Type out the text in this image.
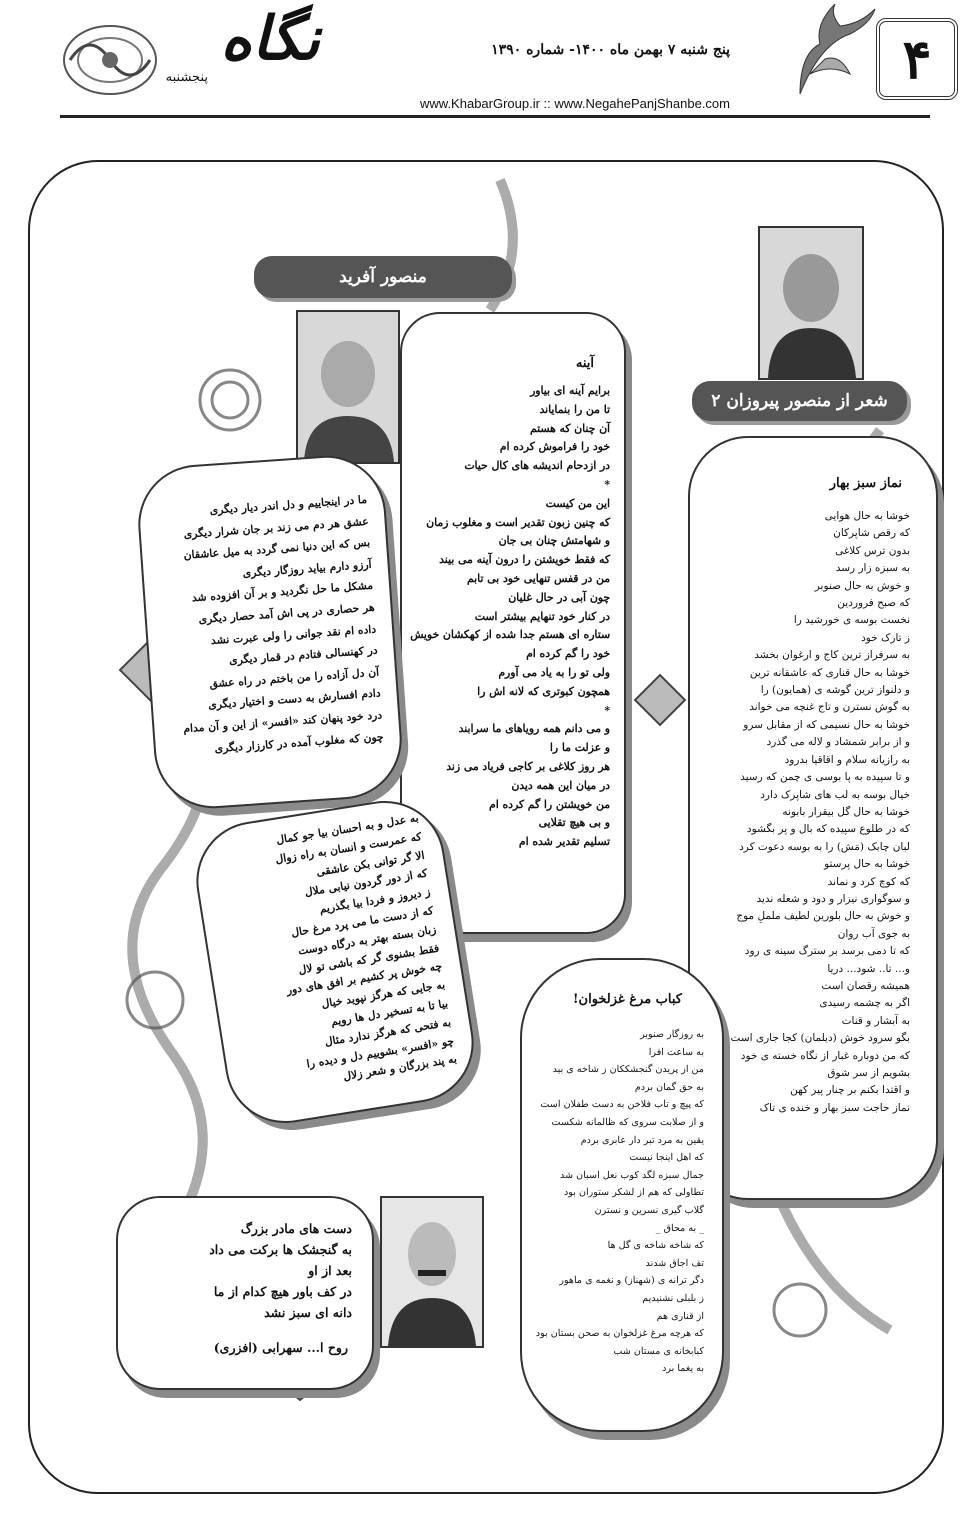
نگاه
پنجشنبه
پنج شنبه ۷ بهمن ماه ۱۴۰۰- شماره ۱۳۹۰
www.KhabarGroup.ir :: www.NegahePanjShanbe.com
۴
۲ شعر از منصور پیروزان
نماز سبز بهار
خوشا به حال هوایی
که رقص شاپرکان
بدون ترس کلاغی
به سبزه زار رسد
و خوش به حال صنوبر
که صبح فروردین
نخست بوسه ی خورشید را
ز تارک خود
به سرفراز ترین کاج و ارغوان بخشد
خوشا به حال قناری که عاشقانه ترین
و دلنواز ترین گوشه ی (همایون) را
به گوش نسترن و تاج غنچه می خواند
خوشا به حال نسیمی که از مقابل سرو
و از برابر شمشاد و لاله می گذرد
به رازیانه سلام و اقاقیا بدرود
و تا سپیده به پا بوسی ی چمن که رسید
خیال بوسه به لب های شاپرک دارد
خوشا به حال گل بیقرار بابونه
که در طلوع سپیده که بال و پر بگشود
لبان چابک (مَش) را به بوسه دعوت کرد
خوشا به حال پرستو
که کوچ کرد و نماند
و سوگواری نیزار و دود و شعله ندید
و خوش به حال بلورین لطیف ململِ موج
به جوی آب روان
که تا دمی برسد بر سترگ سینه ی رود
و... تا.. شود... دریا
همیشه رقصان است
اگر به چشمه رسیدی
به آبشار و قنات
بگو سرود خوش (دیلمان) کجا جاری است
که من دوباره غبار از نگاه خسته ی خود
بشویم از سر شوق
و اقتدا بکنم بر چنار پیر کهن
نماز حاجت سبز بهار و خنده ی تاک
منصور آفرید
آینه
برایم آینه ای بیاور
تا من را بنمایاند
آن چنان که هستم
خود را فراموش کرده ام
در ازدحام اندیشه های کال حیات
*
این من کیست
که چنین زبون تقدیر است و مغلوب زمان
و شهامتش چنان بی جان
که فقط خویشتن را درون آینه می بیند
من در قفس تنهایی خود بی تابم
چون آبی در حال غلیان
در کنار خود تنهایم بیشتر است
ستاره ای هستم جدا شده از کهکشان خویش
خود را گم کرده ام
ولی تو را به یاد می آورم
همچون کبوتری که لانه اش را
*
و می دانم همه رویاهای ما سرابند
و عزلت ما را
هر روز کلاغی بر کاجی فریاد می زند
در میان این همه دیدن
من خویشتن را گم کرده ام
و بی هیچ تقلایی
تسلیم تقدیر شده ام
ما در اینجاییم و دل اندر دیار دیگری
عشق هر دم می زند بر جان شرار دیگری
بس که این دنیا نمی گردد به میل عاشقان
آرزو دارم بیاید روزگار دیگری
مشکل ما حل نگردید و بر آن افزوده شد
هر حصاری در پی اش آمد حصار دیگری
داده ام نقد جوانی را ولی عبرت نشد
در کهنسالی فتادم در قمار دیگری
آن دل آزاده را من باختم در راه عشق
دادم افسارش به دست و اختیار دیگری
درد خود پنهان کند «افسر» از این و آن مدام
چون که مغلوب آمده در کارزار دیگری
به عدل و به احسان بیا جو کمال
که عمرست و انسان به راه زوال
الا گر توانی بکن عاشقی
که از دور گردون نیابی ملال
ز دیروز و فردا بیا بگذریم
که از دست ما می پرد مرغ حال
زبان بسته بهتر به درگاه دوست
فقط بشنوی گر که باشی تو لال
چه خوش پر کشیم بر افق های دور
به جایی که هرگز نپوید خیال
بیا تا به تسخیر دل ها رویم
به فتحی که هرگز ندارد مثال
چو «افسر» بشوییم دل و دیده را
به پند بزرگان و شعر زلال
کباب مرغ غزلخوان!
به روزگار صنوبر
به ساعت افرا
من از پریدن گنجشککان ز شاخه ی بید
به حق گمان بردم
که پیچ و تاب فلاخن به دست طفلان است
و از صلابت سروی که ظالمانه شکست
یقین به مرد تبر دار عابری بردم
که اهل اینجا نیست
جمال سبزه لگد کوب نعل اسبان شد
تطاولی که هم از لشکر ستوران بود
گلاب گیری نسرین و نسترن
_ به محاق _
که شاخه شاخه ی گل ها
تف اجاق شدند
دگر ترانه ی (شهناز) و نغمه ی ماهور
ز بلبلی نشنیدیم
از قناری هم
که هرچه مرغ غزلخوان به صحن بستان بود
کبابخانه ی مستان شب
به یغما برد
دست های مادر بزرگ
به گنجشک ها برکت می داد
بعد از او
در کف باور هیچ کدام از ما
دانه ای سبز نشد
روح ا... سهرابی (افزری)
